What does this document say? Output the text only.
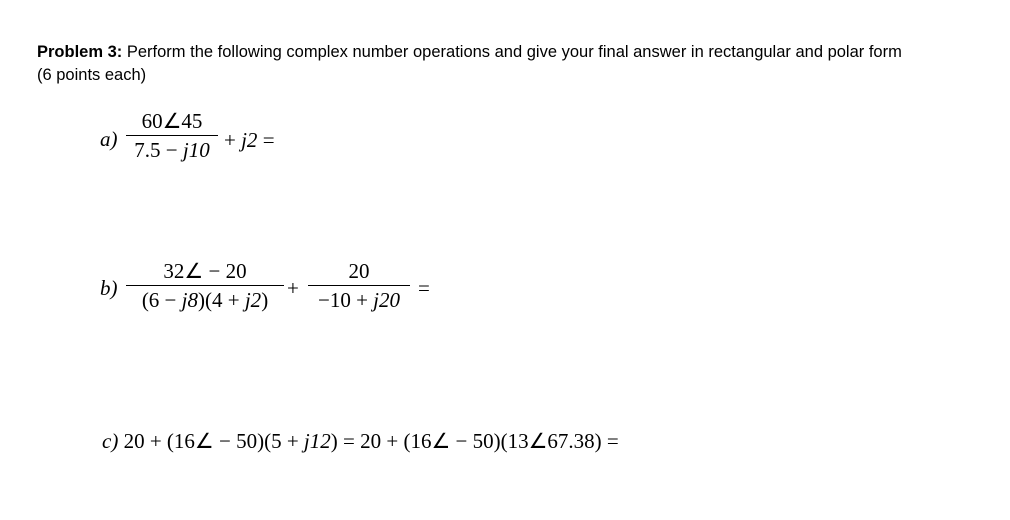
Problem 3: Perform the following complex number operations and give your final answer in rectangular and polar form
(6 points each)
a)
60∠45
7.5 − j10 + j2 =
b)
32∠ − 20
(6 − j8)(4 + j2) +
20
−10 + j20 =
c) 20 + (16∠ − 50)(5 + j12) = 20 + (16∠ − 50)(13∠67.38) =
